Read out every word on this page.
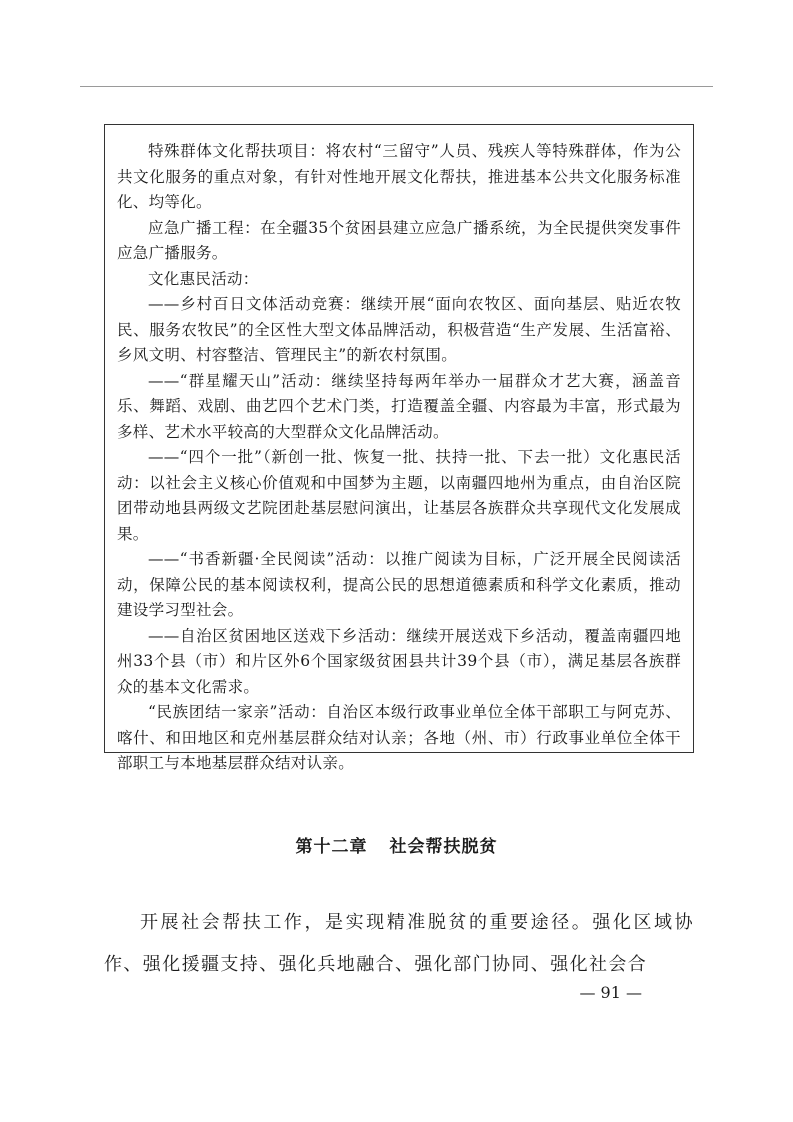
特殊群体文化帮扶项目：将农村“三留守”人员、残疾人等特殊群体，作为公共文化服务的重点对象，有针对性地开展文化帮扶，推进基本公共文化服务标准化、均等化。

应急广播工程：在全疆35个贫困县建立应急广播系统，为全民提供突发事件应急广播服务。

文化惠民活动：

——乡村百日文体活动竞赛：继续开展“面向农牧区、面向基层、贴近农牧民、服务农牧民”的全区性大型文体品牌活动，积极营造“生产发展、生活富裕、乡风文明、村容整洁、管理民主”的新农村氛围。

——“群星耀天山”活动：继续坚持每两年举办一届群众才艺大赛，涵盖音乐、舞蹈、戏剧、曲艺四个艺术门类，打造覆盖全疆、内容最为丰富，形式最为多样、艺术水平较高的大型群众文化品牌活动。

——“四个一批”（新创一批、恢复一批、扶持一批、下去一批）文化惠民活动：以社会主义核心价值观和中国梦为主题，以南疆四地州为重点，由自治区院团带动地县两级文艺院团赴基层慰问演出，让基层各族群众共享现代文化发展成果。

——“书香新疆·全民阅读”活动：以推广阅读为目标，广泛开展全民阅读活动，保障公民的基本阅读权利，提高公民的思想道德素质和科学文化素质，推动建设学习型社会。

——自治区贫困地区送戏下乡活动：继续开展送戏下乡活动，覆盖南疆四地州33个县（市）和片区外6个国家级贫困县共计39个县（市），满足基层各族群众的基本文化需求。

“民族团结一家亲”活动：自治区本级行政事业单位全体干部职工与阿克苏、喀什、和田地区和克州基层群众结对认亲；各地（州、市）行政事业单位全体干部职工与本地基层群众结对认亲。

第十二章 社会帮扶脱贫

开展社会帮扶工作，是实现精准脱贫的重要途径。强化区域协作、强化援疆支持、强化兵地融合、强化部门协同、强化社会合

— 91 —
